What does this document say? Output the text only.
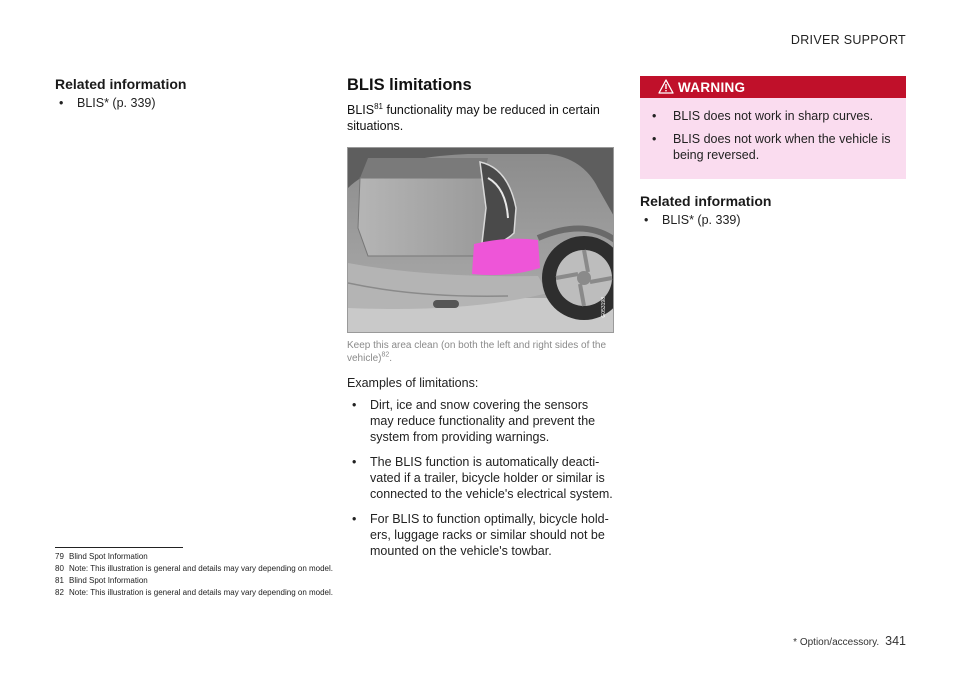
DRIVER SUPPORT
Related information
• BLIS* (p. 339)
BLIS limitations

BLIS$^{81}$ functionality may be reduced in certain situations.

G053198

Keep this area clean (on both the left and right sides of the vehicle)$^{82}$.

Examples of limitations:

• Dirt, ice and snow covering the sensors may reduce functionality and prevent the system from providing warnings.
• The BLIS function is automatically deacti-vated if a trailer, bicycle holder or similar is connected to the vehicle's electrical system.
• For BLIS to function optimally, bicycle hold-ers, luggage racks or similar should not be mounted on the vehicle's towbar.
WARNING
• BLIS does not work in sharp curves.
• BLIS does not work when the vehicle is being reversed.
Related information
• BLIS* (p. 339)
79 Blind Spot Information
80 Note: This illustration is general and details may vary depending on model.
81 Blind Spot Information
82 Note: This illustration is general and details may vary depending on model.
* Option/accessory. 341
